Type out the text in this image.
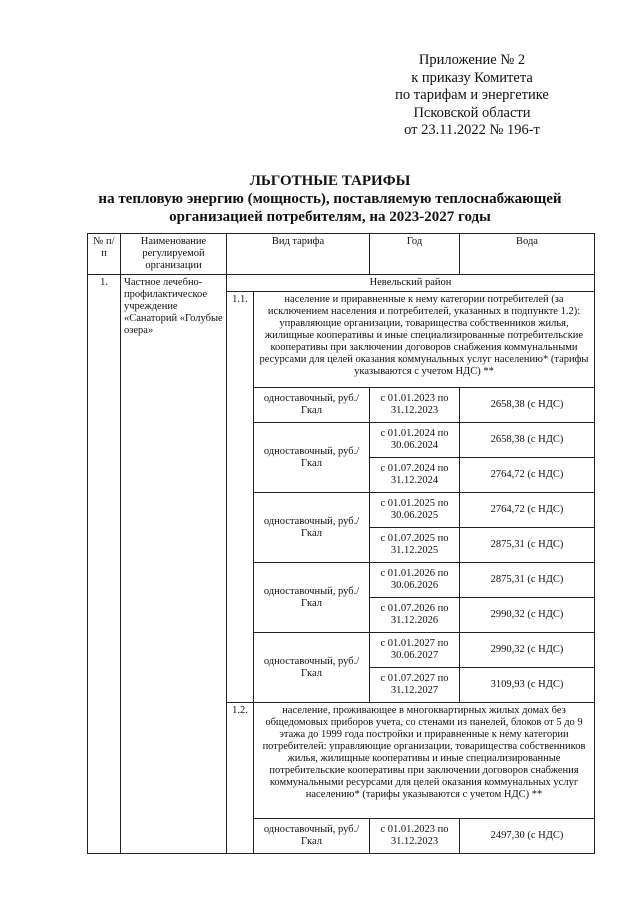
Приложение № 2
к приказу Комитета
по тарифам и энергетике
Псковской области
от 23.11.2022 № 196-т
ЛЬГОТНЫЕ ТАРИФЫ
на тепловую энергию (мощность), поставляемую теплоснабжающей
организацией потребителям, на 2023-2027 годы
№ п/п	Наименование регулируемой организации	Вид тарифа		Год	Вода
1.	Частное лечебно-профилактическое учреждение «Санаторий «Голубые озера»	Невельский район			
		1.1.	население и приравненные к нему категории потребителей (за исключением населения и потребителей, указанных в подпункте 1.2): управляющие организации, товарищества собственников жилья, жилищные кооперативы и иные специализированные потребительские кооперативы при заключении договоров снабжения коммунальными ресурсами для целей оказания коммунальных услуг населению* (тарифы указываются с учетом НДС) **		
			одноставочный, руб./Гкал	с 01.01.2023 по 31.12.2023	2658,38 (с НДС)
			одноставочный, руб./Гкал	с 01.01.2024 по 30.06.2024	2658,38 (с НДС)
				с 01.07.2024 по 31.12.2024	2764,72 (с НДС)
			одноставочный, руб./Гкал	с 01.01.2025 по 30.06.2025	2764,72 (с НДС)
				с 01.07.2025 по 31.12.2025	2875,31 (с НДС)
			одноставочный, руб./Гкал	с 01.01.2026 по 30.06.2026	2875,31 (с НДС)
				с 01.07.2026 по 31.12.2026	2990,32 (с НДС)
			одноставочный, руб./Гкал	с 01.01.2027 по 30.06.2027	2990,32 (с НДС)
				с 01.07.2027 по 31.12.2027	3109,93 (с НДС)
		1.2.	население, проживающее в многоквартирных жилых домах без общедомовых приборов учета, со стенами из панелей, блоков от 5 до 9 этажа до 1999 года постройки и приравненные к нему категории потребителей: управляющие организации, товарищества собственников жилья, жилищные кооперативы и иные специализированные потребительские кооперативы при заключении договоров снабжения коммунальными ресурсами для целей оказания коммунальных услуг населению* (тарифы указываются с учетом НДС) **		
			одноставочный, руб./Гкал	с 01.01.2023 по 31.12.2023	2497,30 (с НДС)
